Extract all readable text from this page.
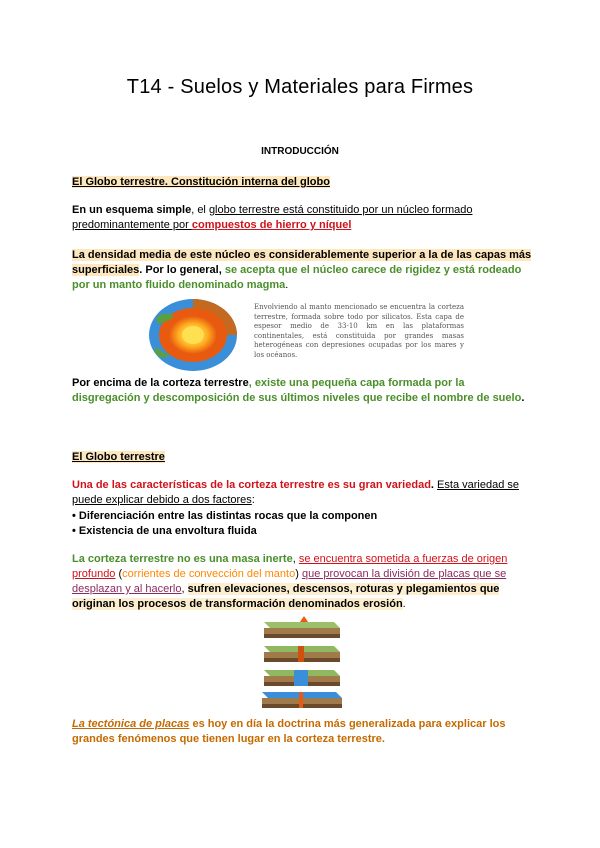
T14 - Suelos y Materiales para Firmes
INTRODUCCIÓN
El Globo terrestre. Constitución interna del globo
En un esquema simple, el globo terrestre está constituido por un núcleo formado predominantemente por compuestos de hierro y níquel
La densidad media de este núcleo es considerablemente superior a la de las capas más superficiales. Por lo general, se acepta que el núcleo carece de rigidez y está rodeado por un manto fluido denominado magma.
Envolviendo al manto mencionado se encuentra la corteza terrestre, formada sobre todo por silicatos. Esta capa de espesor medio de 33-10 km en las plataformas continentales, está constituida por grandes masas heterogéneas con depresiones ocupadas por los mares y los océanos.
Por encima de la corteza terrestre, existe una pequeña capa formada por la disgregación y descomposición de sus últimos niveles que recibe el nombre de suelo.
El Globo terrestre
Una de las características de la corteza terrestre es su gran variedad. Esta variedad se puede explicar debido a dos factores:
• Diferenciación entre las distintas rocas que la componen
• Existencia de una envoltura fluida
La corteza terrestre no es una masa inerte, se encuentra sometida a fuerzas de origen profundo (corrientes de convección del manto) que provocan la división de placas que se desplazan y al hacerlo, sufren elevaciones, descensos, roturas y plegamientos que originan los procesos de transformación denominados erosión.
La tectónica de placas es hoy en día la doctrina más generalizada para explicar los grandes fenómenos que tienen lugar en la corteza terrestre.
